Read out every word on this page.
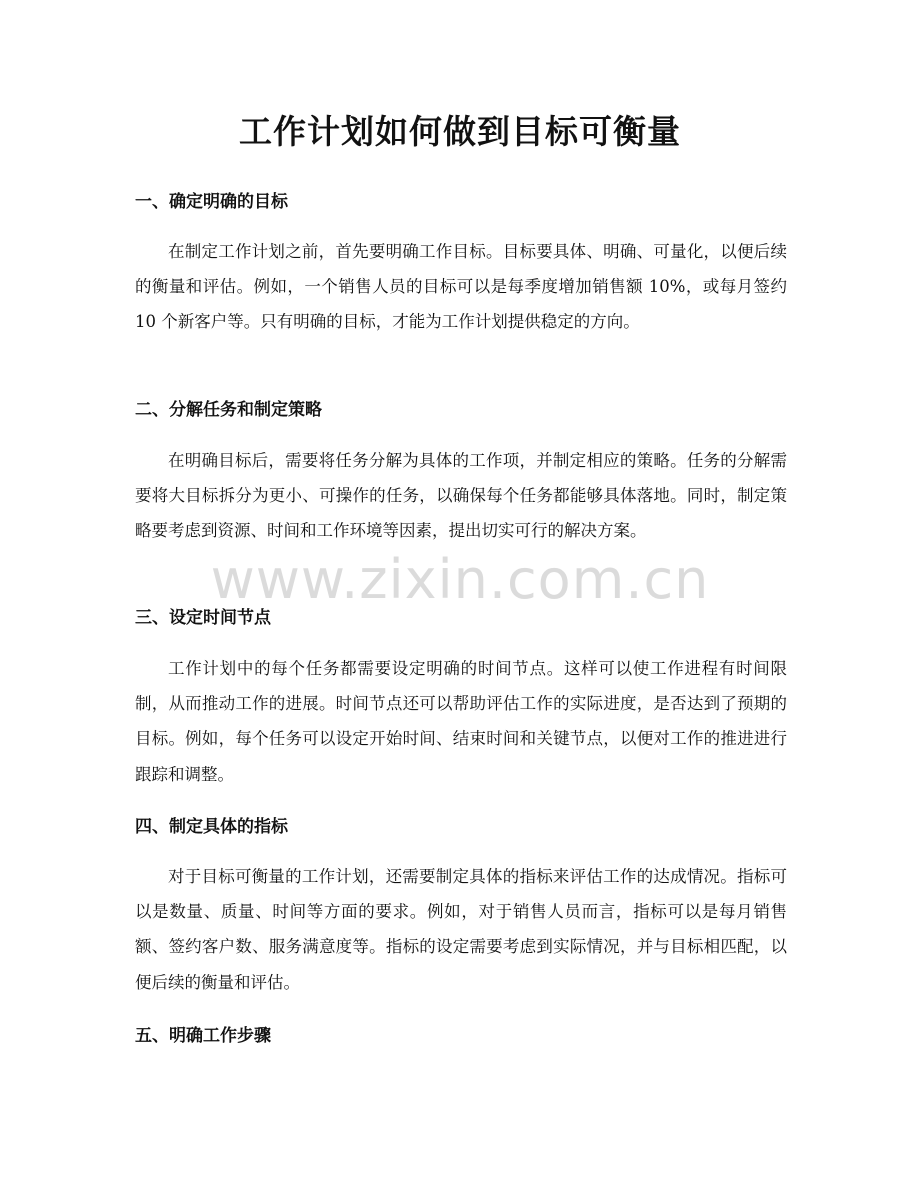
工作计划如何做到目标可衡量
一、确定明确的目标

在制定工作计划之前，首先要明确工作目标。目标要具体、明确、可量化，以便后续的衡量和评估。例如，一个销售人员的目标可以是每季度增加销售额 10%，或每月签约 10 个新客户等。只有明确的目标，才能为工作计划提供稳定的方向。

二、分解任务和制定策略

在明确目标后，需要将任务分解为具体的工作项，并制定相应的策略。任务的分解需要将大目标拆分为更小、可操作的任务，以确保每个任务都能够具体落地。同时，制定策略要考虑到资源、时间和工作环境等因素，提出切实可行的解决方案。

三、设定时间节点

工作计划中的每个任务都需要设定明确的时间节点。这样可以使工作进程有时间限制，从而推动工作的进展。时间节点还可以帮助评估工作的实际进度，是否达到了预期的目标。例如，每个任务可以设定开始时间、结束时间和关键节点，以便对工作的推进进行跟踪和调整。

四、制定具体的指标

对于目标可衡量的工作计划，还需要制定具体的指标来评估工作的达成情况。指标可以是数量、质量、时间等方面的要求。例如，对于销售人员而言，指标可以是每月销售额、签约客户数、服务满意度等。指标的设定需要考虑到实际情况，并与目标相匹配，以便后续的衡量和评估。

五、明确工作步骤
www.zixin.com.cn
